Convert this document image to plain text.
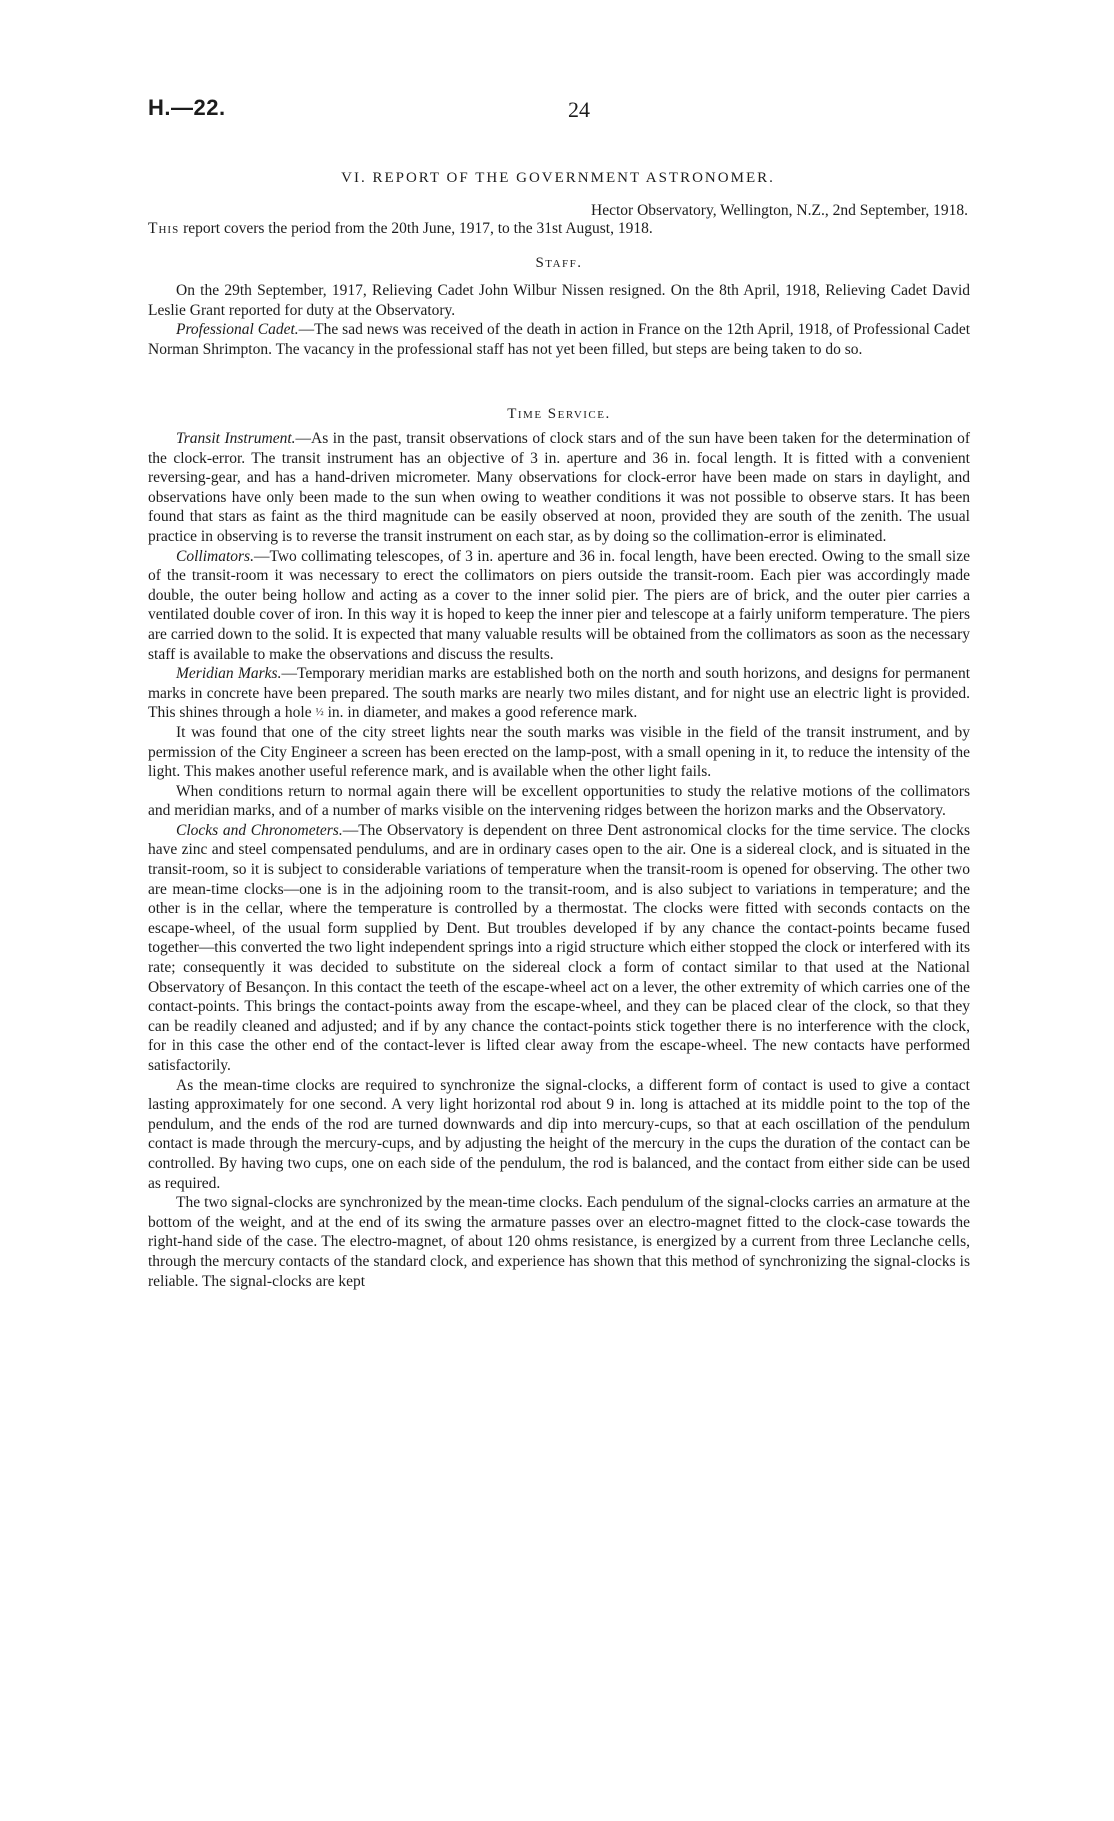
H.—22.	24
VI. REPORT OF THE GOVERNMENT ASTRONOMER.
Hector Observatory, Wellington, N.Z., 2nd September, 1918.

This report covers the period from the 20th June, 1917, to the 31st August, 1918.

Staff.

On the 29th September, 1917, Relieving Cadet John Wilbur Nissen resigned. On the 8th April, 1918, Relieving Cadet David Leslie Grant reported for duty at the Observatory.

Professional Cadet.—The sad news was received of the death in action in France on the 12th April, 1918, of Professional Cadet Norman Shrimpton. The vacancy in the professional staff has not yet been filled, but steps are being taken to do so.

Time Service.

Transit Instrument.—As in the past, transit observations of clock stars and of the sun have been taken for the determination of the clock-error. The transit instrument has an objective of 3 in. aperture and 36 in. focal length. It is fitted with a convenient reversing-gear, and has a hand-driven micrometer. Many observations for clock-error have been made on stars in daylight, and observations have only been made to the sun when owing to weather conditions it was not possible to observe stars. It has been found that stars as faint as the third magnitude can be easily observed at noon, provided they are south of the zenith. The usual practice in observing is to reverse the transit instrument on each star, as by doing so the collimation-error is eliminated.

Collimators.—Two collimating telescopes, of 3 in. aperture and 36 in. focal length, have been erected. Owing to the small size of the transit-room it was necessary to erect the collimators on piers outside the transit-room. Each pier was accordingly made double, the outer being hollow and acting as a cover to the inner solid pier. The piers are of brick, and the outer pier carries a ventilated double cover of iron. In this way it is hoped to keep the inner pier and telescope at a fairly uniform temperature. The piers are carried down to the solid. It is expected that many valuable results will be obtained from the collimators as soon as the necessary staff is available to make the observations and discuss the results.

Meridian Marks.—Temporary meridian marks are established both on the north and south horizons, and designs for permanent marks in concrete have been prepared. The south marks are nearly two miles distant, and for night use an electric light is provided. This shines through a hole ½ in. in diameter, and makes a good reference mark.

It was found that one of the city street lights near the south marks was visible in the field of the transit instrument, and by permission of the City Engineer a screen has been erected on the lamp-post, with a small opening in it, to reduce the intensity of the light. This makes another useful reference mark, and is available when the other light fails.

When conditions return to normal again there will be excellent opportunities to study the relative motions of the collimators and meridian marks, and of a number of marks visible on the intervening ridges between the horizon marks and the Observatory.

Clocks and Chronometers.—The Observatory is dependent on three Dent astronomical clocks for the time service. The clocks have zinc and steel compensated pendulums, and are in ordinary cases open to the air. One is a sidereal clock, and is situated in the transit-room, so it is subject to considerable variations of temperature when the transit-room is opened for observing. The other two are mean-time clocks—one is in the adjoining room to the transit-room, and is also subject to variations in temperature; and the other is in the cellar, where the temperature is controlled by a thermostat. The clocks were fitted with seconds contacts on the escape-wheel, of the usual form supplied by Dent. But troubles developed if by any chance the contact-points became fused together—this converted the two light independent springs into a rigid structure which either stopped the clock or interfered with its rate; consequently it was decided to substitute on the sidereal clock a form of contact similar to that used at the National Observatory of Besançon. In this contact the teeth of the escape-wheel act on a lever, the other extremity of which carries one of the contact-points. This brings the contact-points away from the escape-wheel, and they can be placed clear of the clock, so that they can be readily cleaned and adjusted; and if by any chance the contact-points stick together there is no interference with the clock, for in this case the other end of the contact-lever is lifted clear away from the escape-wheel. The new contacts have performed satisfactorily.

As the mean-time clocks are required to synchronize the signal-clocks, a different form of contact is used to give a contact lasting approximately for one second. A very light horizontal rod about 9 in. long is attached at its middle point to the top of the pendulum, and the ends of the rod are turned downwards and dip into mercury-cups, so that at each oscillation of the pendulum contact is made through the mercury-cups, and by adjusting the height of the mercury in the cups the duration of the contact can be controlled. By having two cups, one on each side of the pendulum, the rod is balanced, and the contact from either side can be used as required.

The two signal-clocks are synchronized by the mean-time clocks. Each pendulum of the signal-clocks carries an armature at the bottom of the weight, and at the end of its swing the armature passes over an electro-magnet fitted to the clock-case towards the right-hand side of the case. The electro-magnet, of about 120 ohms resistance, is energized by a current from three Leclanche cells, through the mercury contacts of the standard clock, and experience has shown that this method of synchronizing the signal-clocks is reliable. The signal-clocks are kept
